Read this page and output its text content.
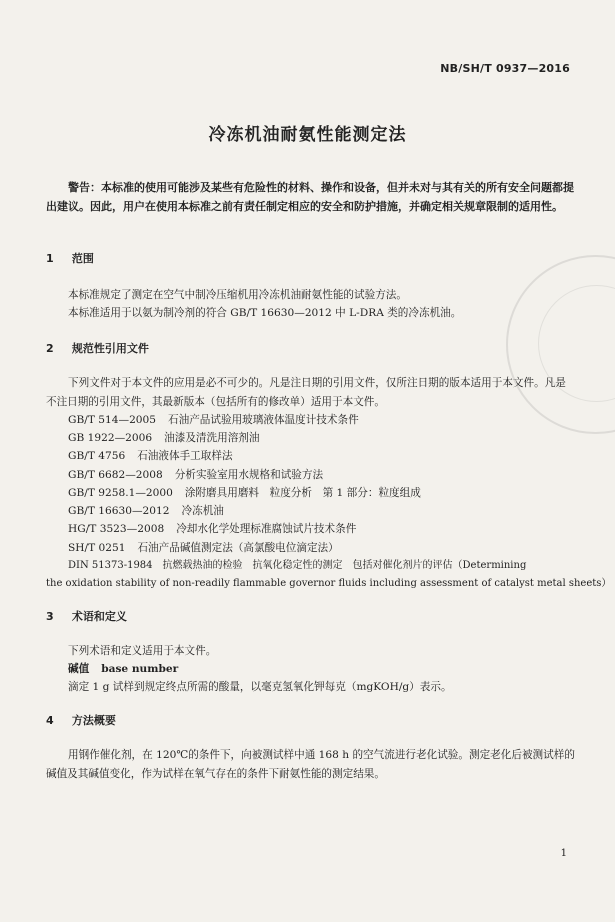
NB/SH/T 0937—2016
冷冻机油耐氨性能测定法
警告：本标准的使用可能涉及某些有危险性的材料、操作和设备，但并未对与其有关的所有安全问题都提出建议。因此，用户在使用本标准之前有责任制定相应的安全和防护措施，并确定相关规章限制的适用性。
1 范围
本标准规定了测定在空气中制冷压缩机用冷冻机油耐氨性能的试验方法。
本标准适用于以氨为制冷剂的符合 GB/T 16630—2012 中 L-DRA 类的冷冻机油。
2 规范性引用文件
下列文件对于本文件的应用是必不可少的。凡是注日期的引用文件，仅所注日期的版本适用于本文件。凡是不注日期的引用文件，其最新版本（包括所有的修改单）适用于本文件。
GB/T 514—2005 石油产品试验用玻璃液体温度计技术条件
GB 1922—2006 油漆及清洗用溶剂油
GB/T 4756 石油液体手工取样法
GB/T 6682—2008 分析实验室用水规格和试验方法
GB/T 9258.1—2000 涂附磨具用磨料　粒度分析　第 1 部分：粒度组成
GB/T 16630—2012 冷冻机油
HG/T 3523—2008 冷却水化学处理标准腐蚀试片技术条件
SH/T 0251 石油产品碱值测定法（高氯酸电位滴定法）
DIN 51373-1984　抗燃载热油的检验　抗氧化稳定性的测定　包括对催化剂片的评估（Determining
the oxidation stability of non-readily flammable governor fluids including assessment of catalyst metal sheets）
3 术语和定义
下列术语和定义适用于本文件。
碱值 base number
滴定 1 g 试样到规定终点所需的酸量，以毫克氢氧化钾每克（mgKOH/g）表示。
4 方法概要
用钢作催化剂，在 120℃的条件下，向被测试样中通 168 h 的空气流进行老化试验。测定老化后被测试样的碱值及其碱值变化，作为试样在氧气存在的条件下耐氨性能的测定结果。
1
